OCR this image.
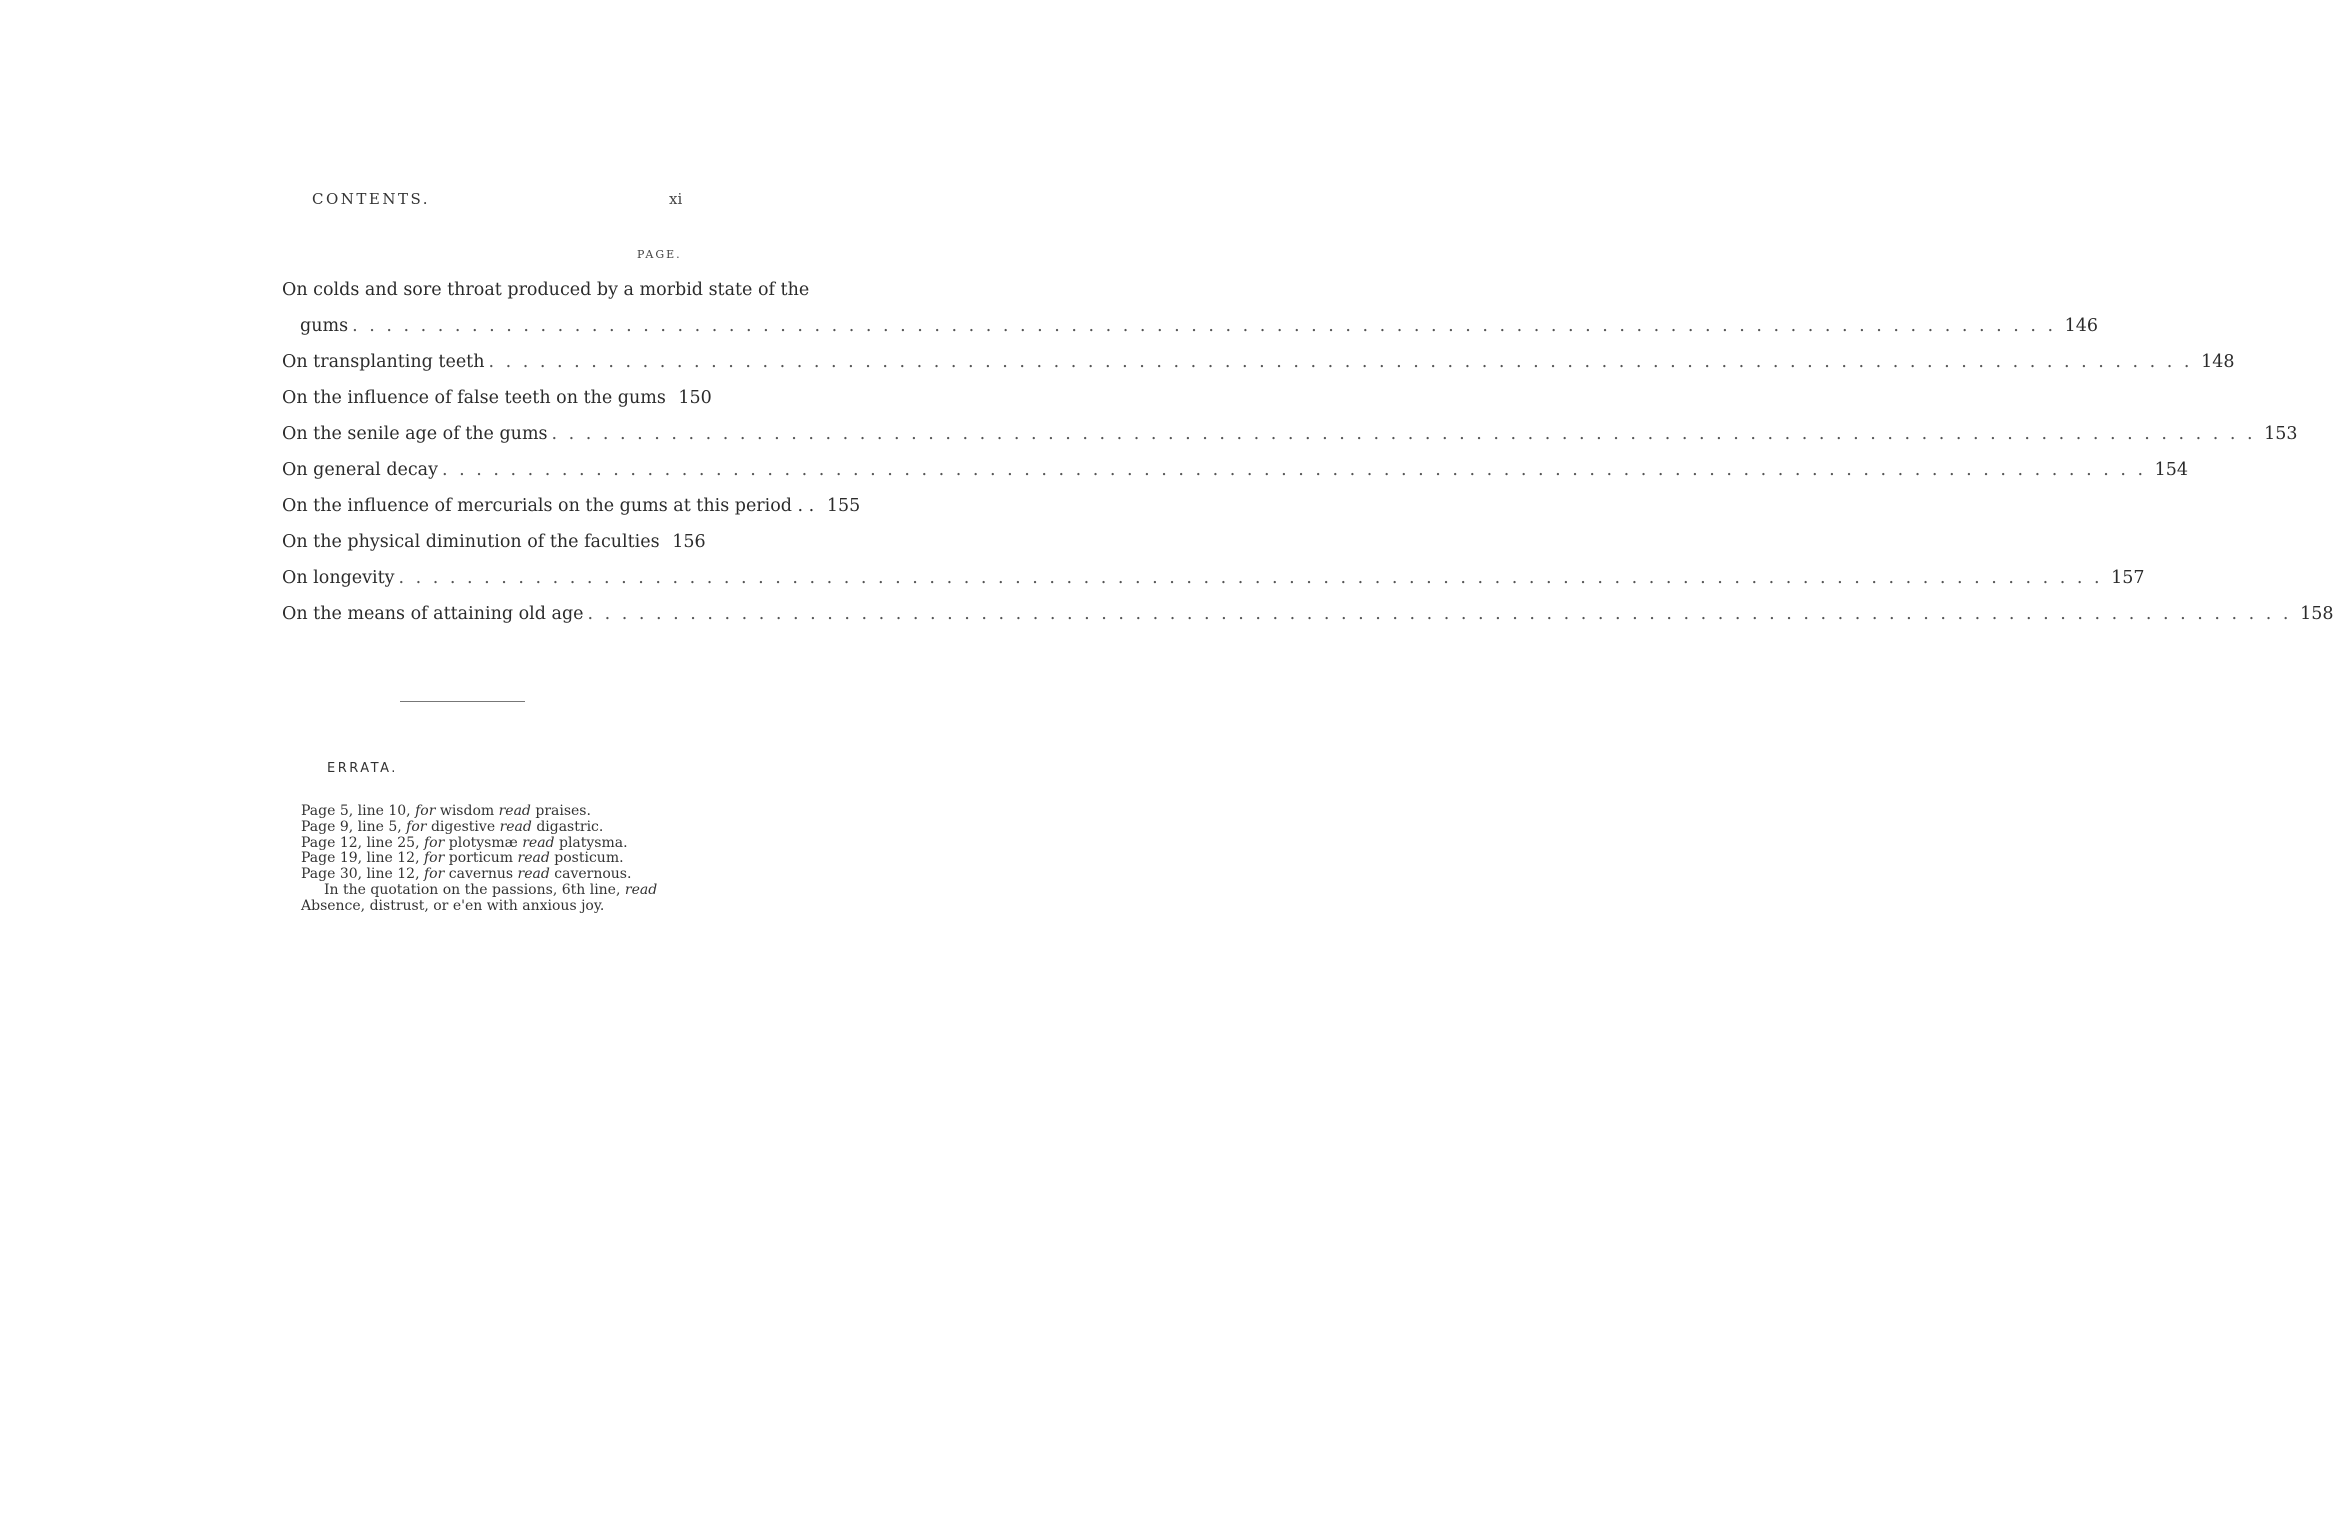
CONTENTS.	xi
PAGE.
On colds and sore throat produced by a morbid state of the
gums . . .	146
On transplanting teeth . . .	148
On the influence of false teeth on the gums 150
On the senile age of the gums . . .	153
On general decay . . .	154
On the influence of mercurials on the gums at this period . . 155
On the physical diminution of the faculties 156
On longevity . . .	157
On the means of attaining old age . . .	158
ERRATA.
Page 5, line 10, for wisdom read praises.
Page 9, line 5, for digestive read digastric.
Page 12, line 25, for plotysmæ read platysma.
Page 19, line 12, for porticum read posticum.
Page 30, line 12, for cavernus read cavernous.
In the quotation on the passions, 6th line, read
Absence, distrust, or e'en with anxious joy.
